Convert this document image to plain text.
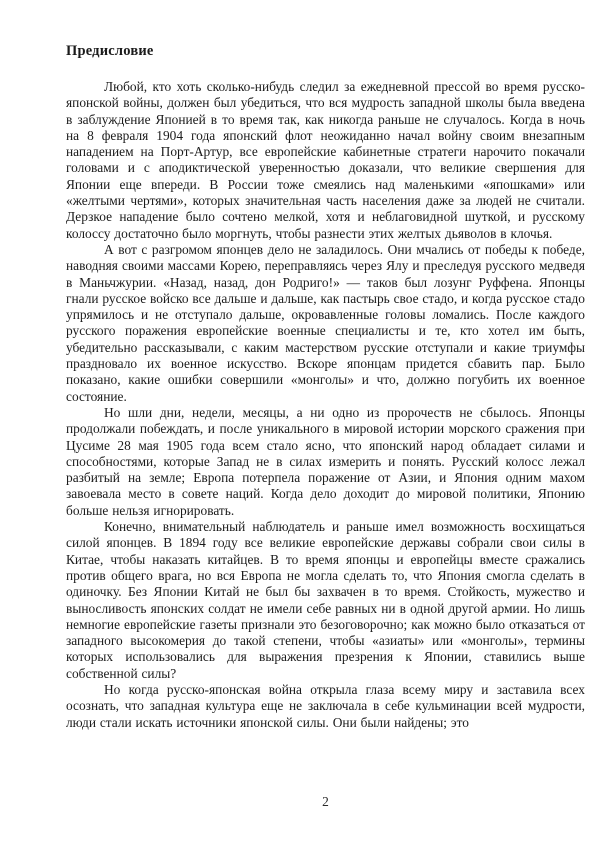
Предисловие

Любой, кто хоть сколько-нибудь следил за ежедневной прессой во время русско-японской войны, должен был убедиться, что вся мудрость западной школы была введена в заблуждение Японией в то время так, как никогда раньше не случалось. Когда в ночь на 8 февраля 1904 года японский флот неожиданно начал войну своим внезапным нападением на Порт-Артур, все европейские кабинетные стратеги нарочито покачали головами и с аподиктической уверенностью доказали, что великие свершения для Японии еще впереди. В России тоже смеялись над маленькими «япошками» или «желтыми чертями», которых значительная часть населения даже за людей не считали. Дерзкое нападение было сочтено мелкой, хотя и неблаговидной шуткой, и русскому колоссу достаточно было моргнуть, чтобы разнести этих желтых дьяволов в клочья.

А вот с разгромом японцев дело не заладилось. Они мчались от победы к победе, наводняя своими массами Корею, переправляясь через Ялу и преследуя русского медведя в Маньчжурии. «Назад, назад, дон Родриго!» — таков был лозунг Руффена. Японцы гнали русское войско все дальше и дальше, как пастырь свое стадо, и когда русское стадо упрямилось и не отступало дальше, окровавленные головы ломались. После каждого русского поражения европейские военные специалисты и те, кто хотел им быть, убедительно рассказывали, с каким мастерством русские отступали и какие триумфы праздновало их военное искусство. Вскоре японцам придется сбавить пар. Было показано, какие ошибки совершили «монголы» и что, должно погубить их военное состояние.

Но шли дни, недели, месяцы, а ни одно из пророчеств не сбылось. Японцы продолжали побеждать, и после уникального в мировой истории морского сражения при Цусиме 28 мая 1905 года всем стало ясно, что японский народ обладает силами и способностями, которые Запад не в силах измерить и понять. Русский колосс лежал разбитый на земле; Европа потерпела поражение от Азии, и Япония одним махом завоевала место в совете наций. Когда дело доходит до мировой политики, Японию больше нельзя игнорировать.

Конечно, внимательный наблюдатель и раньше имел возможность восхищаться силой японцев. В 1894 году все великие европейские державы собрали свои силы в Китае, чтобы наказать китайцев. В то время японцы и европейцы вместе сражались против общего врага, но вся Европа не могла сделать то, что Япония смогла сделать в одиночку. Без Японии Китай не был бы захвачен в то время. Стойкость, мужество и выносливость японских солдат не имели себе равных ни в одной другой армии. Но лишь немногие европейские газеты признали это безоговорочно; как можно было отказаться от западного высокомерия до такой степени, чтобы «азиаты» или «монголы», термины которых использовались для выражения презрения к Японии, ставились выше собственной силы?

Но когда русско-японская война открыла глаза всему миру и заставила всех осознать, что западная культура еще не заключала в себе кульминации всей мудрости, люди стали искать источники японской силы. Они были найдены; это

2
